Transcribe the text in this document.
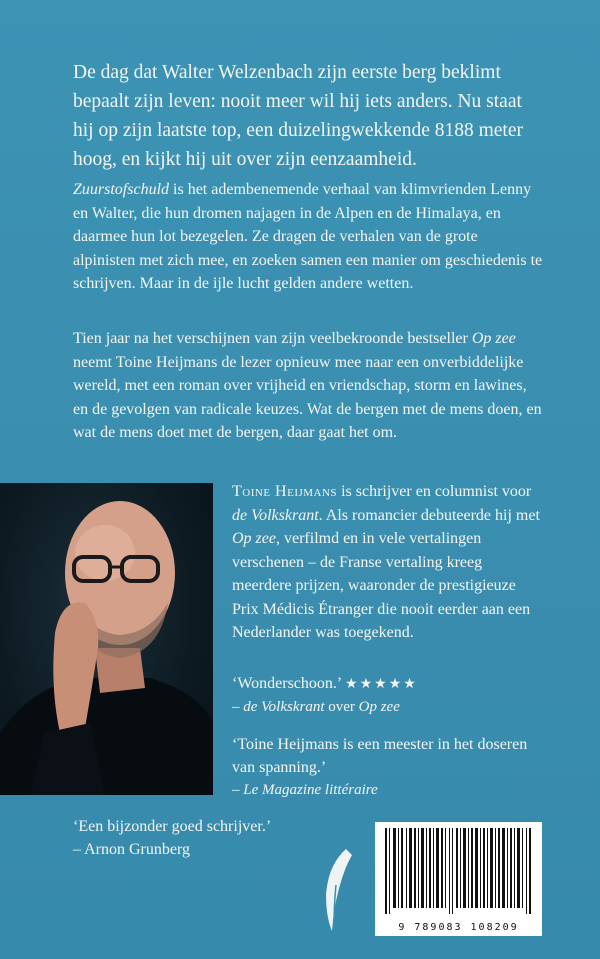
De dag dat Walter Welzenbach zijn eerste berg beklimt bepaalt zijn leven: nooit meer wil hij iets anders. Nu staat hij op zijn laatste top, een duizelingwekkende 8188 meter hoog, en kijkt hij uit over zijn eenzaamheid.

Zuurstofschuld is het adembenemende verhaal van klimvrienden Lenny en Walter, die hun dromen najagen in de Alpen en de Himalaya, en daarmee hun lot bezegelen. Ze dragen de verhalen van de grote alpinisten met zich mee, en zoeken samen een manier om geschiedenis te schrijven. Maar in de ijle lucht gelden andere wetten.

Tien jaar na het verschijnen van zijn veelbekroonde bestseller Op zee neemt Toine Heijmans de lezer opnieuw mee naar een onverbiddelijke wereld, met een roman over vrijheid en vriendschap, storm en lawines, en de gevolgen van radicale keuzes. Wat de bergen met de mens doen, en wat de mens doet met de bergen, daar gaat het om.

Toine Heijmans is schrijver en columnist voor de Volkskrant. Als romancier debuteerde hij met Op zee, verfilmd en in vele vertalingen verschenen – de Franse vertaling kreeg meerdere prijzen, waaronder de prestigieuze Prix Médicis Étranger die nooit eerder aan een Nederlander was toegekend.

‘Wonderschoon.’ ★★★★★
– de Volkskrant over Op zee
‘Toine Heijmans is een meester in het doseren van spanning.’
– Le Magazine littéraire
‘Een bijzonder goed schrijver.’
– Arnon Grunberg
9 789083 108209
